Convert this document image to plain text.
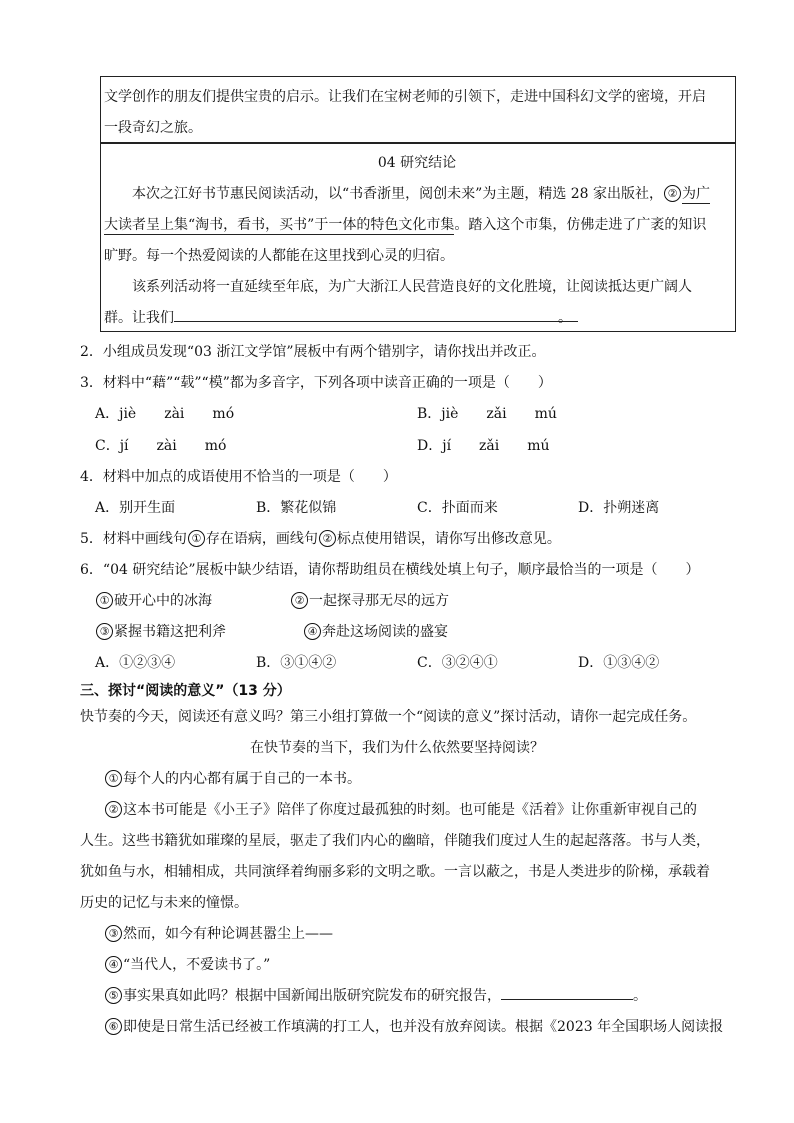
文学创作的朋友们提供宝贵的启示。让我们在宝树老师的引领下，走进中国科幻文学的密境，开启
一段奇幻之旅。
04 研究结论
本次之江好书节惠民阅读活动，以“书香浙里，阅创未来”为主题，精选 28 家出版社， ② 为广
大读者呈上集“淘书，看书，买书”于一体的特色文化市集。踏入这个市集，仿佛走进了广袤的知识
旷野。每一个热爱阅读的人都能在这里找到心灵的归宿。
该系列活动将一直延续至年底，为广大浙江人民营造良好的文化胜境，让阅读抵达更广阔人
群。让我们	。
2．小组成员发现“03 浙江文学馆”展板中有两个错别字，请你找出并改正。
3．材料中“藉”“载”“模”都为多音字，下列各项中读音正确的一项是（　　）
A．jiè　　zài　　mó	B．jiè　　zǎi　　mú
C．jí　　zài　　mó	D．jí　　zǎi　　mú
4．材料中加点的成语使用不恰当的一项是（　　）
A．别开生面	B．繁花似锦	C．扑面而来	D．扑朔迷离
5．材料中画线句 ① 存在语病，画线句 ② 标点使用错误，请你写出修改意见。
6．“04 研究结论”展板中缺少结语，请你帮助组员在横线处填上句子，顺序最恰当的一项是（　　）
① 破开心中的冰海	② 一起探寻那无尽的远方
③ 紧握书籍这把利斧	④ 奔赴这场阅读的盛宴
A．①②③④	B．③①④②	C．③②④①	D．①③④②
三、探讨“阅读的意义”（13 分）
快节奏的今天，阅读还有意义吗？第三小组打算做一个“阅读的意义”探讨活动，请你一起完成任务。
在快节奏的当下，我们为什么依然要坚持阅读？
① 每个人的内心都有属于自己的一本书。
② 这本书可能是《小王子》陪伴了你度过最孤独的时刻。也可能是《活着》让你重新审视自己的
人生。这些书籍犹如璀璨的星辰，驱走了我们内心的幽暗，伴随我们度过人生的起起落落。书与人类，
犹如鱼与水，相辅相成，共同演绎着绚丽多彩的文明之歌。一言以蔽之，书是人类进步的阶梯，承载着
历史的记忆与未来的憧憬。
③ 然而，如今有种论调甚嚣尘上——
④ “当代人，不爱读书了。”
⑤ 事实果真如此吗？根据中国新闻出版研究院发布的研究报告，	。
⑥ 即使是日常生活已经被工作填满的打工人，也并没有放弃阅读。根据《2023 年全国职场人阅读报
